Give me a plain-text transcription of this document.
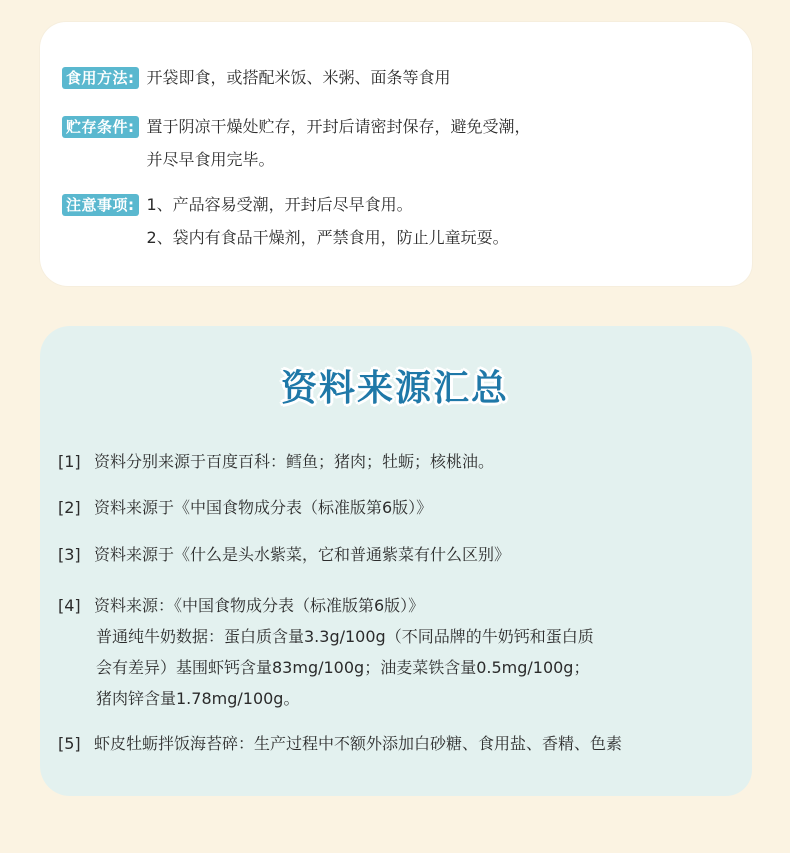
食用方法: 开袋即食，或搭配米饭、米粥、面条等食用
贮存条件: 置于阴凉干燥处贮存，开封后请密封保存，避免受潮，
并尽早食用完毕。
注意事项: 1、产品容易受潮，开封后尽早食用。
2、袋内有食品干燥剂，严禁食用，防止儿童玩耍。
资料来源汇总
[1] 资料分别来源于百度百科：鳕鱼；猪肉；牡蛎；核桃油。
[2] 资料来源于《中国食物成分表（标准版第6版）》
[3] 资料来源于《什么是头水紫菜，它和普通紫菜有什么区别》
[4] 资料来源：《中国食物成分表（标准版第6版）》
普通纯牛奶数据：蛋白质含量3.3g/100g（不同品牌的牛奶钙和蛋白质
会有差异）基围虾钙含量83mg/100g；油麦菜铁含量0.5mg/100g；
猪肉锌含量1.78mg/100g。
[5] 虾皮牡蛎拌饭海苔碎：生产过程中不额外添加白砂糖、食用盐、香精、色素
